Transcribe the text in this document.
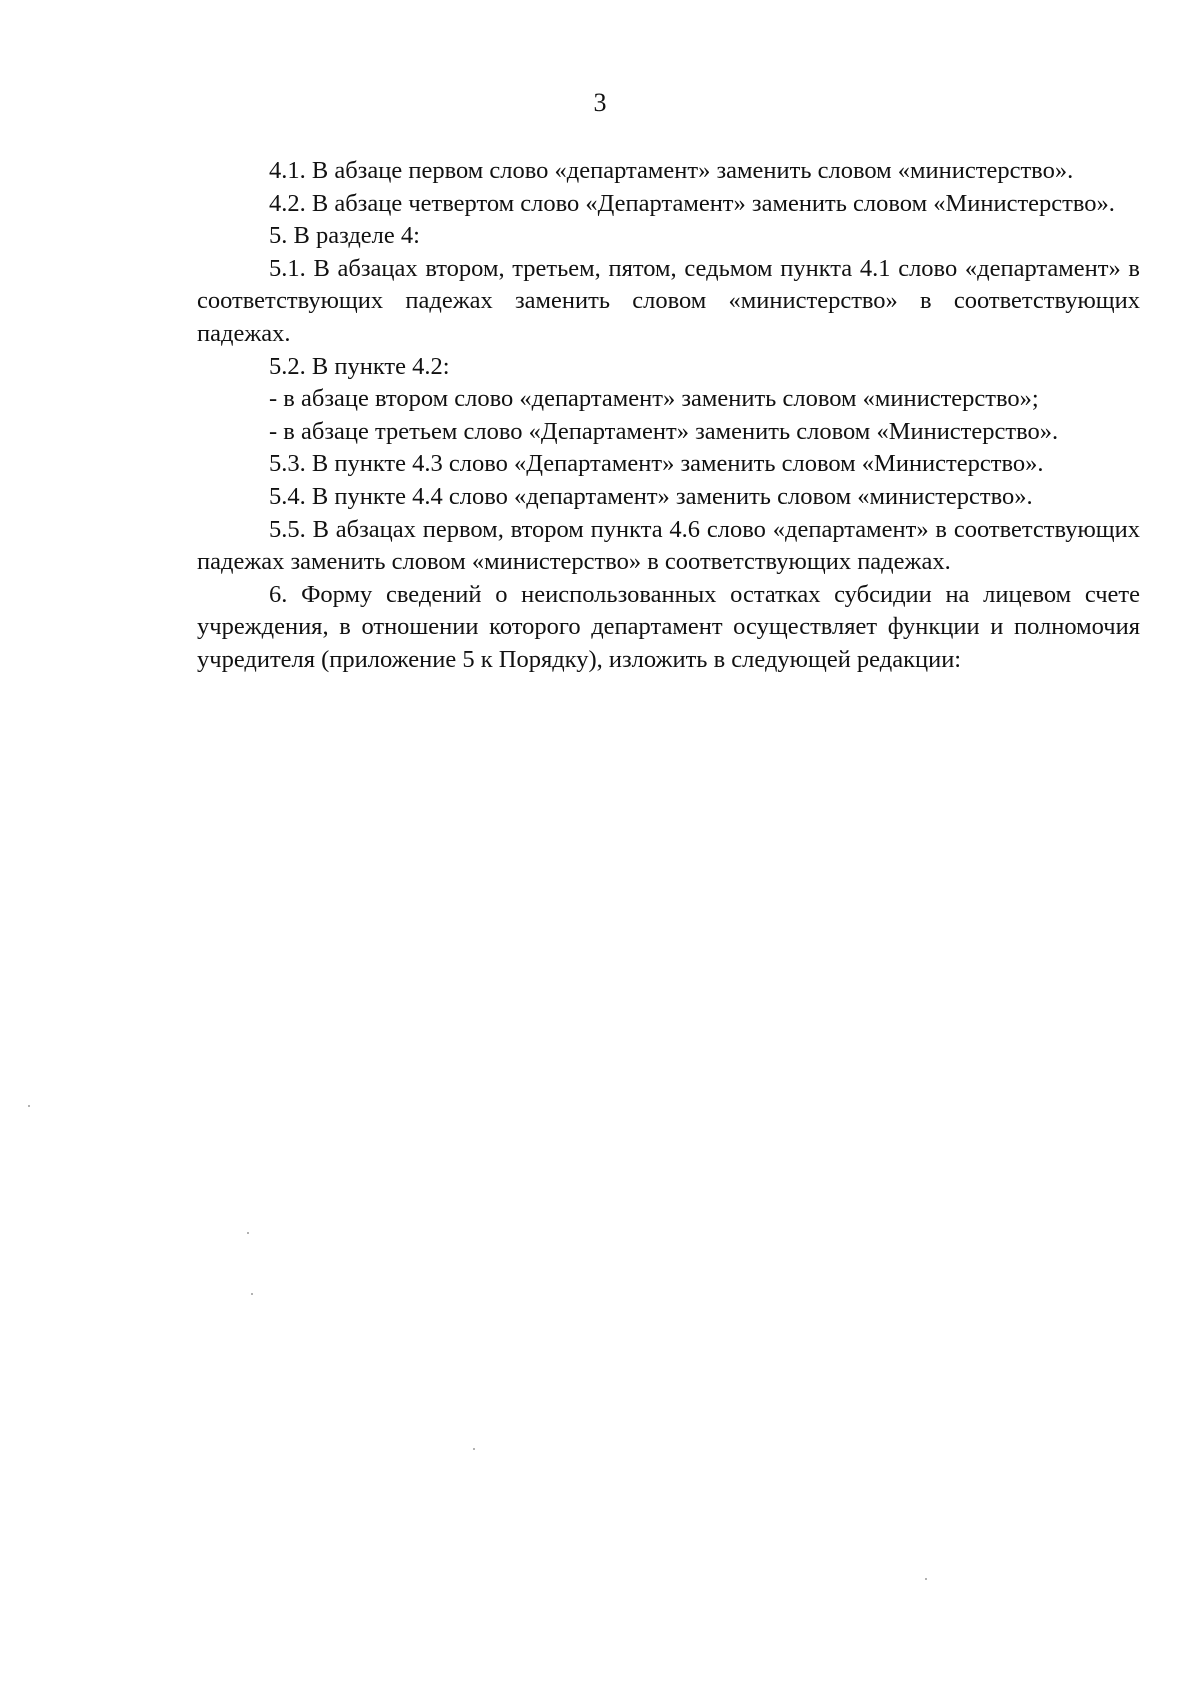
3

4.1. В абзаце первом слово «департамент» заменить словом «министерство».

4.2. В абзаце четвертом слово «Департамент» заменить словом «Министерство».

5. В разделе 4:

5.1. В абзацах втором, третьем, пятом, седьмом пункта 4.1 слово «департамент» в соответствующих падежах заменить словом «министерство» в соответствующих падежах.

5.2. В пункте 4.2:

- в абзаце втором слово «департамент» заменить словом «министерство»;

- в абзаце третьем слово «Департамент» заменить словом «Министерство».

5.3. В пункте 4.3 слово «Департамент» заменить словом «Министерство».

5.4. В пункте 4.4 слово «департамент» заменить словом «министерство».

5.5. В абзацах первом, втором пункта 4.6 слово «департамент» в соответствующих падежах заменить словом «министерство» в соответствующих падежах.

6. Форму сведений о неиспользованных остатках субсидии на лицевом счете учреждения, в отношении которого департамент осуществляет функции и полномочия учредителя (приложение 5 к Порядку), изложить в следующей редакции:
